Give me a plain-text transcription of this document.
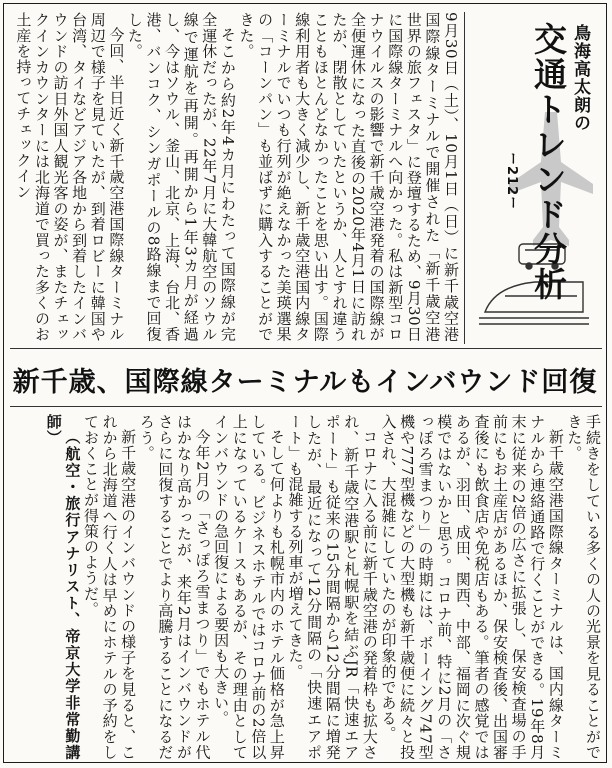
鳥海高太朗の
交通トレンド分析
ー212ー

9月30日（土）、10月1日（日）に新千歳空港国際線ターミナルで開催された「新千歳空港　世界の旅フェスタ」に登壇するため、9月30日に国際線ターミナルへ向かった。私は新型コロナウイルスの影響で新千歳空港発着の国際線が全便運休になった直後の2020年4月1日に訪れたが、閉散としていたというか、人とすれ違うこともほとんどなかったことを思い出す。国際線利用者も大きく減少し、新千歳空港国内線ターミナルでいつも行列が絶えなかった美瑛選果の「コーンパン」も並ばずに購入することができた。

そこから約2年4カ月にわたって国際線が完全運休だったが、22年7月に大韓航空のソウル線で運航を再開。再開から1年3カ月が経過し、今はソウル、釜山、北京、上海、台北、香港、バンコク、シンガポールの8路線まで回復した。

今回、半日近く新千歳空港国際線ターミナル周辺で様子を見ていたが、到着ロビーに韓国や台湾、タイなどアジア各地から到着したインバウンドの訪日外国人観光客の姿が、またチェックインカウンターには北海道で買った多くのお土産を持ってチェックイン

新千歳、国際線ターミナルもインバウンド回復

手続きをしている多くの人の光景を見ることができた。

新千歳空港国際線ターミナルは、国内線ターミナルから連絡通路で行くことができる。19年8月末に従来の2倍の広さに拡張し、保安検査場の手前にもお土産店があるほか、保安検査後、出国審査後にも飲食店や免税店もある。筆者の感覚ではあるが、羽田、成田、関西、中部、福岡に次ぐ規模ではないかと思う。コロナ前、特に2月の「さっぽろ雪まつり」の時期には、ボーイング747型機や777型機などの大型機も新千歳便に続々と投入され、大混雑にしていたのが印象的である。

コロナに入る前に新千歳空港の発着枠も拡大され、新千歳空港駅と札幌駅を結ぶJR「快速エアポート」も従来の15分間隔から12分間隔に増発したが、最近になって12分間隔の「快速エアポート」も混雑する列車が増えてきた。

そして何よりも札幌市内のホテル価格が急上昇している。ビジネスホテルではコロナ前の2倍以上になっているケースもあるが、その理由としてインバウンドの急回復による要因も大きい。

今年2月の「さっぽろ雪まつり」でもホテル代はかなり高かったが、来年2月はインバウンドがさらに回復することでより高騰することになるだろう。

新千歳空港のインバウンドの様子を見ると、これから北海道へ行く人は早めにホテルの予約をしておくことが得策のようだ。

（航空・旅行アナリスト、帝京大学非常勤講師）
